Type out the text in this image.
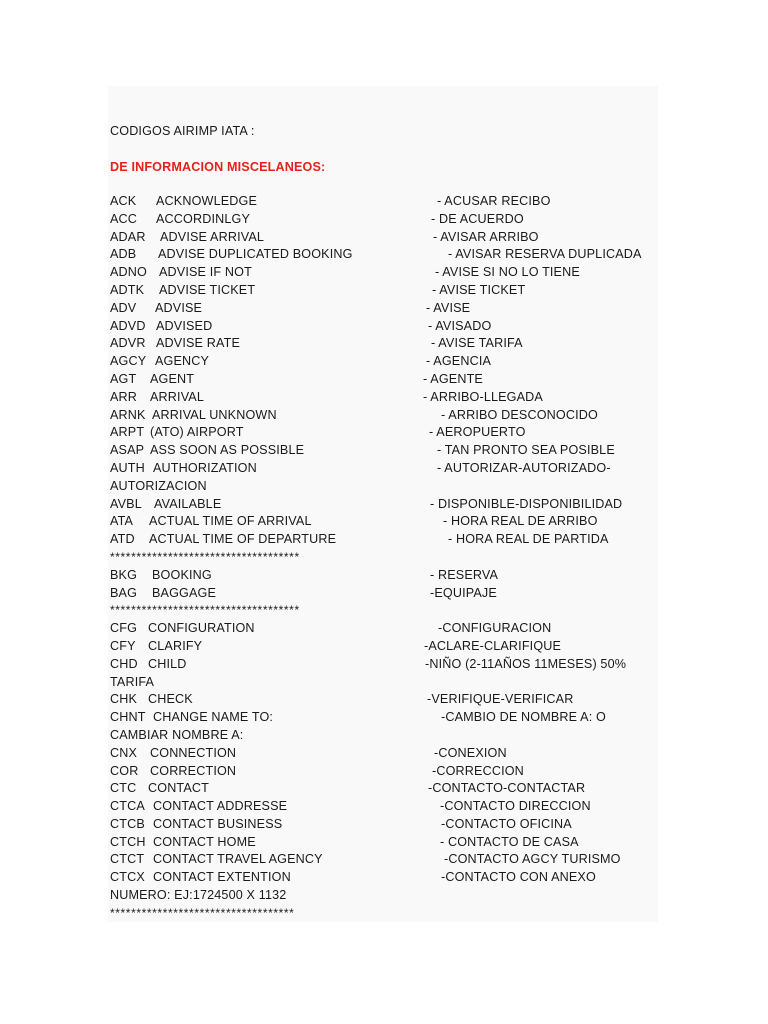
CODIGOS AIRIMP IATA :
DE INFORMACION MISCELANEOS:
ACK ACKNOWLEDGE	- ACUSAR RECIBO
ACC ACCORDINLGY	- DE ACUERDO
ADAR ADVISE ARRIVAL	- AVISAR ARRIBO
ADB ADVISE DUPLICATED BOOKING	- AVISAR RESERVA DUPLICADA
ADNO ADVISE IF NOT	- AVISE SI NO LO TIENE
ADTK ADVISE TICKET	- AVISE TICKET
ADV ADVISE	- AVISE
ADVD ADVISED	- AVISADO
ADVR ADVISE RATE	- AVISE TARIFA
AGCY AGENCY	- AGENCIA
AGT AGENT	- AGENTE
ARR ARRIVAL	- ARRIBO-LLEGADA
ARNK ARRIVAL UNKNOWN	- ARRIBO DESCONOCIDO
ARPT (ATO) AIRPORT	- AEROPUERTO
ASAP ASS SOON AS POSSIBLE	- TAN PRONTO SEA POSIBLE
AUTH AUTHORIZATION	- AUTORIZAR-AUTORIZADO-
AUTORIZACION
AVBL AVAILABLE	- DISPONIBLE-DISPONIBILIDAD
ATA ACTUAL TIME OF ARRIVAL	- HORA REAL DE ARRIBO
ATD ACTUAL TIME OF DEPARTURE	- HORA REAL DE PARTIDA
************************************
BKG BOOKING	- RESERVA
BAG BAGGAGE	-EQUIPAJE
************************************
CFG CONFIGURATION	-CONFIGURACION
CFY CLARIFY	-ACLARE-CLARIFIQUE
CHD CHILD	-NIÑO (2-11AÑOS 11MESES) 50%
TARIFA
CHK CHECK	-VERIFIQUE-VERIFICAR
CHNT CHANGE NAME TO:	-CAMBIO DE NOMBRE A: O
CAMBIAR NOMBRE A:
CNX CONNECTION	-CONEXION
COR CORRECTION	-CORRECCION
CTC CONTACT	-CONTACTO-CONTACTAR
CTCA CONTACT ADDRESSE	-CONTACTO DIRECCION
CTCB CONTACT BUSINESS	-CONTACTO OFICINA
CTCH CONTACT HOME	- CONTACTO DE CASA
CTCT CONTACT TRAVEL AGENCY	-CONTACTO AGCY TURISMO
CTCX CONTACT EXTENTION	-CONTACTO CON ANEXO
NUMERO: EJ:1724500 X 1132
***********************************
